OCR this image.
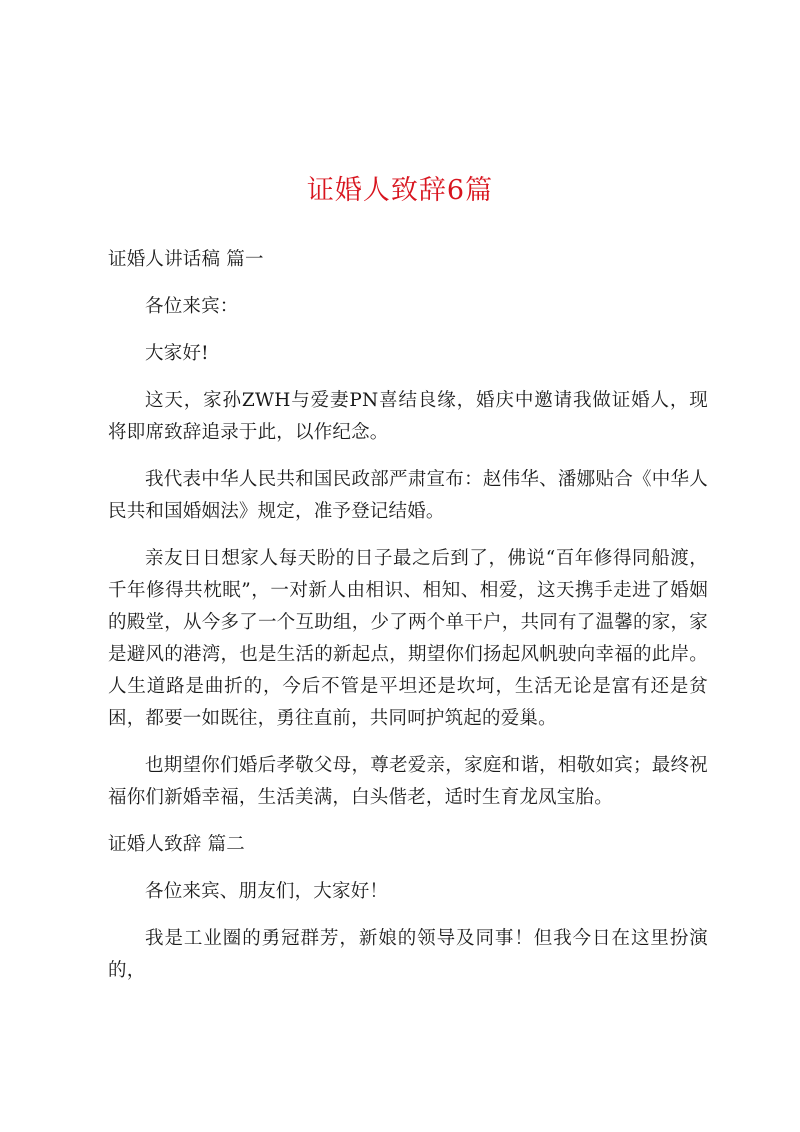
证婚人致辞6篇

证婚人讲话稿 篇一

各位来宾：

大家好!

这天，家孙ZWH与爱妻PN喜结良缘，婚庆中邀请我做证婚人，现将即席致辞追录于此，以作纪念。

我代表中华人民共和国民政部严肃宣布：赵伟华、潘娜贴合《中华人民共和国婚姻法》规定，准予登记结婚。

亲友日日想家人每天盼的日子最之后到了，佛说“百年修得同船渡，千年修得共枕眠”，一对新人由相识、相知、相爱，这天携手走进了婚姻的殿堂，从今多了一个互助组，少了两个单干户，共同有了温馨的家，家是避风的港湾，也是生活的新起点，期望你们扬起风帆驶向幸福的此岸。人生道路是曲折的，今后不管是平坦还是坎坷，生活无论是富有还是贫困，都要一如既往，勇往直前，共同呵护筑起的爱巢。

也期望你们婚后孝敬父母，尊老爱亲，家庭和谐，相敬如宾；最终祝福你们新婚幸福，生活美满，白头偕老，适时生育龙凤宝胎。

证婚人致辞 篇二

各位来宾、朋友们，大家好！

我是工业圈的勇冠群芳，新娘的领导及同事！但我今日在这里扮演的，
